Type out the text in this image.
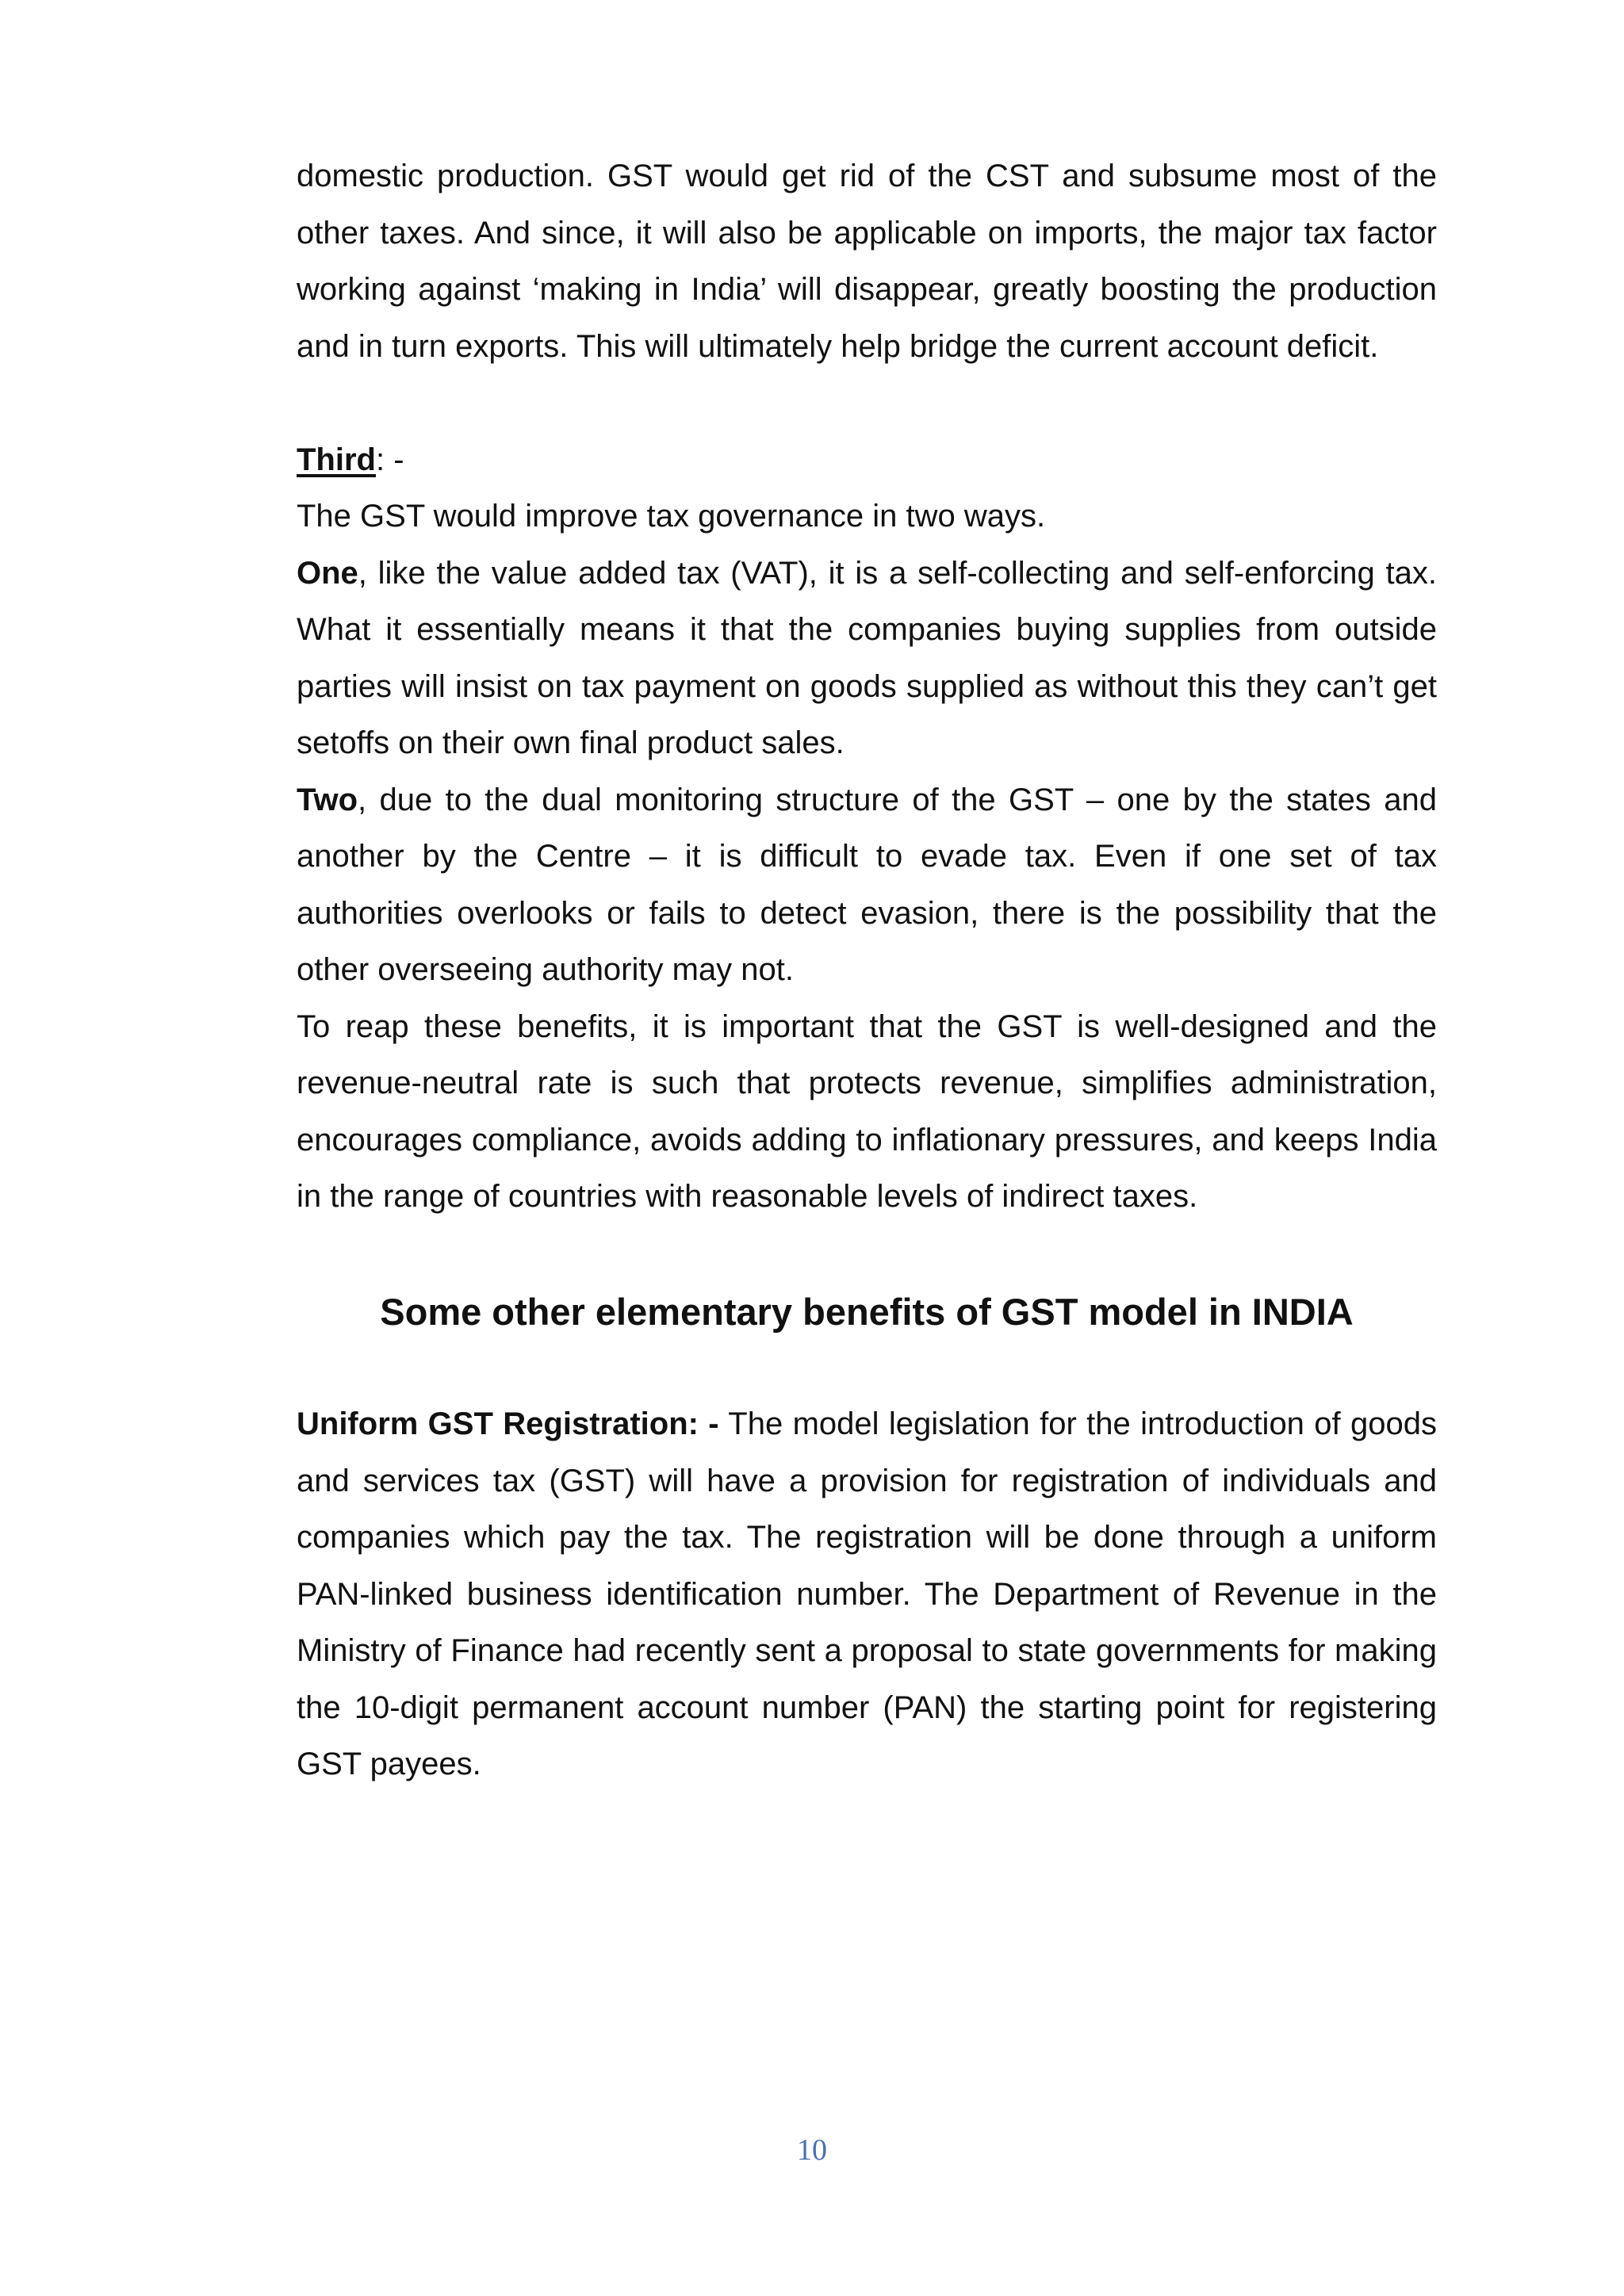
domestic production. GST would get rid of the CST and subsume most of the other taxes. And since, it will also be applicable on imports, the major tax factor working against ‘making in India’ will disappear, greatly boosting the production and in turn exports. This will ultimately help bridge the current account deficit.

Third: -

The GST would improve tax governance in two ways.

One, like the value added tax (VAT), it is a self-collecting and self-enforcing tax. What it essentially means it that the companies buying supplies from outside parties will insist on tax payment on goods supplied as without this they can’t get setoffs on their own final product sales.

Two, due to the dual monitoring structure of the GST – one by the states and another by the Centre – it is difficult to evade tax. Even if one set of tax authorities overlooks or fails to detect evasion, there is the possibility that the other overseeing authority may not.

To reap these benefits, it is important that the GST is well-designed and the revenue-neutral rate is such that protects revenue, simplifies administration, encourages compliance, avoids adding to inflationary pressures, and keeps India in the range of countries with reasonable levels of indirect taxes.

Some other elementary benefits of GST model in INDIA

Uniform GST Registration: - The model legislation for the introduction of goods and services tax (GST) will have a provision for registration of individuals and companies which pay the tax. The registration will be done through a uniform PAN-linked business identification number. The Department of Revenue in the Ministry of Finance had recently sent a proposal to state governments for making the 10-digit permanent account number (PAN) the starting point for registering GST payees.

10
